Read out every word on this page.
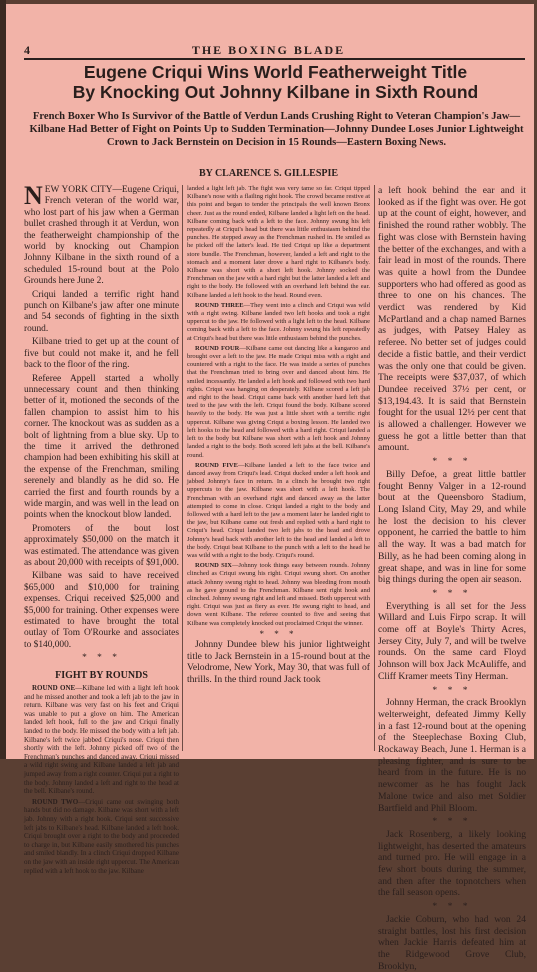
4	THE BOXING BLADE
Eugene Criqui Wins World Featherweight Title
By Knocking Out Johnny Kilbane in Sixth Round
French Boxer Who Is Survivor of the Battle of Verdun Lands Crushing Right to Veteran Champion's Jaw—Kilbane Had Better of Fight on Points Up to Sudden Termination—Johnny Dundee Loses Junior Lightweight Crown to Jack Bernstein on Decision in 15 Rounds—Eastern Boxing News.
BY CLARENCE S. GILLESPIE

NEW YORK CITY—Eugene Criqui, French veteran of the world war, who lost part of his jaw when a German bullet crashed through it at Verdun, won the featherweight championship of the world by knocking out Champion Johnny Kilbane in the sixth round of a scheduled 15-round bout at the Polo Grounds here June 2.

Criqui landed a terrific right hand punch on Kilbane's jaw after one minute and 54 seconds of fighting in the sixth round.

Kilbane tried to get up at the count of five but could not make it, and he fell back to the floor of the ring.

Referee Appell started a wholly unnecessary count and then thinking better of it, motioned the seconds of the fallen champion to assist him to his corner. The knockout was as sudden as a bolt of lightning from a blue sky. Up to the time it arrived the dethroned champion had been exhibiting his skill at the expense of the Frenchman, smiling serenely and blandly as he did so. He carried the first and fourth rounds by a wide margin, and was well in the lead on points when the knockout blow landed.

Promoters of the bout lost approximately $50,000 on the match it was estimated. The attendance was given as about 20,000 with receipts of $91,000.

Kilbane was said to have received $65,000 and $10,000 for training expenses. Criqui received $25,000 and $5,000 for training. Other expenses were estimated to have brought the total outlay of Tom O'Rourke and associates to $140,000.

* * *
FIGHT BY ROUNDS

ROUND ONE—Kilbane led with a light left hook and he missed another and took a left jab to the jaw in return. Kilbane was very fast on his feet and Criqui was unable to put a glove on him. The American landed left hook, full to the jaw and Criqui finally landed to the body. He missed the body with a left jab. Kilbane's left twice jabbed Criqui's nose. Criqui then shortly with the left. Johnny picked off two of the Frenchman's punches and danced away. Criqui missed a wild right swing and Kilbane landed a left jab and jumped away from a right counter. Criqui put a right to the body. Johnny landed a left and right to the head at the bell. Kilbane's round.

ROUND TWO—Criqui came out swinging both hands but did no damage. Kilbane was short with a left jab. Johnny with a right hook. Criqui sent successive left jabs to Kilbane's head. Kilbane landed a left hook. Criqui brought over a right to the body and proceeded to charge in, but Kilbane easily smothered his punches and smiled blandly. In a clinch Criqui dropped Kilbane on the jaw with an inside right uppercut. The American replied with a left hook to the jaw. Kilbane

landed a light left jab. The fight was very tame so far. Criqui tipped Kilbane's nose with a flailing right hook. The crowd became restive at this point and began to tender the principals the well known Bronx cheer. Just as the round ended, Kilbane landed a light left on the head. Kilbane coming back with a left to the face. Johnny swung his left repeatedly at Criqui's head but there was little enthusiasm behind the punches. He stepped away as the Frenchman rushed in. He smiled as he picked off the latter's lead. He tied Criqui up like a department store bundle. The Frenchman, however, landed a left and right to the stomach and a moment later drove a hard right to Kilbane's body. Kilbane was short with a short left hook. Johnny socked the Frenchman on the jaw with a hard right but the latter landed a left and right to the body. He followed with an overhand left behind the ear. Kilbane landed a left hook to the head. Round even.

ROUND THREE—They went into a clinch and Criqui was wild with a right swing. Kilbane landed two left hooks and took a right uppercut to the jaw. He followed with a light left to the head. Kilbane coming back with a left to the face. Johnny swung his left repeatedly at Criqui's head but there was little enthusiasm behind the punches.

ROUND FOUR—Kilbane came out dancing like a kangaroo and brought over a left to the jaw. He made Criqui miss with a right and countered with a right to the face. He was inside a series of punches that the Frenchman tried to bring over and danced about him. He smiled incessantly. He landed a left hook and followed with two hard rights. Criqui was hanging on desperately. Kilbane scored a left jab and right to the head. Criqui came back with another hard left that teed to the jaw with the left. Criqui found the body. Kilbane scored heavily to the body. He was just a little short with a terrific right uppercut. Kilbane was giving Criqui a boxing lesson. He landed two left hooks to the head and followed with a hard right. Criqui landed a left to the body but Kilbane was short with a left hook and Johnny landed a right to the body. Both scored left jabs at the bell. Kilbane's round.

ROUND FIVE—Kilbane landed a left to the face twice and danced away from Criqui's lead. Criqui ducked under a left hook and jabbed Johnny's face in return. In a clinch he brought two right uppercuts to the jaw. Kilbane was short with a left hook. The Frenchman with an overhand right and danced away as the latter attempted to come in close. Criqui landed a right to the body and followed with a hard left to the jaw a moment later he landed right to the jaw, but Kilbane came out fresh and replied with a hard right to Criqui's head. Criqui landed two left jabs to the head and drove Johnny's head back with another left to the head and landed a left to the body. Criqui beat Kilbane to the punch with a left to the head he was wild with a right to the body. Criqui's round.

ROUND SIX—Johnny took things easy between rounds. Johnny clinched as Criqui swung his right. Criqui swung short. On another attack Johnny swung right to head. Johnny was bleeding from mouth as he gave ground to the Frenchman. Kilbane sent right hook and clinched. Johnny swung right and left and missed. Both uppercut with right. Criqui was just as fiery as ever. He swung right to head, and down went Kilbane. The referee counted to five and seeing that Kilbane was completely knocked out proclaimed Criqui the winner.

* * *

Johnny Dundee blew his junior lightweight title to Jack Bernstein in a 15-round bout at the Velodrome, New York, May 30, that was full of thrills. In the third round Jack took

a left hook behind the ear and it looked as if the fight was over. He got up at the count of eight, however, and finished the round rather wobbly. The fight was close with Bernstein having the better of the exchanges, and with a fair lead in most of the rounds. There was quite a howl from the Dundee supporters who had offered as good as three to one on his chances. The verdict was rendered by Kid McPartland and a chap named Barnes as judges, with Patsey Haley as referee. No better set of judges could decide a fistic battle, and their verdict was the only one that could be given. The receipts were $37,037, of which Dundee received 37½ per cent, or $13,194.43. It is said that Bernstein fought for the usual 12½ per cent that is allowed a challenger. However we guess he got a little better than that amount.

* * *

Billy Defoe, a great little battler fought Benny Valger in a 12-round bout at the Queensboro Stadium, Long Island City, May 29, and while he lost the decision to his clever opponent, he carried the battle to him all the way. It was a bad match for Billy, as he had been coming along in great shape, and was in line for some big things during the open air season.

* * *

Everything is all set for the Jess Willard and Luis Firpo scrap. It will come off at Boyle's Thirty Acres, Jersey City, July 7, and will be twelve rounds. On the same card Floyd Johnson will box Jack McAuliffe, and Cliff Kramer meets Tiny Herman.

* * *

Johnny Herman, the crack Brooklyn welterweight, defeated Jimmy Kelly in a fast 12-round bout at the opening of the Steeplechase Boxing Club, Rockaway Beach, June 1. Herman is a pleasing fighter, and is sure to be heard from in the future. He is no newcomer as he has fought Jack Malone twice and also met Soldier Bartfield and Phil Bloom.

* * *

Jack Rosenberg, a likely looking lightweight, has deserted the amateurs and turned pro. He will engage in a few short bouts during the summer, and then after the topnotchers when the fall season opens.

* * *

Jackie Coburn, who had won 24 straight battles, lost his first decision when Jackie Harris defeated him at the Ridgewood Grove Club, Brooklyn,
